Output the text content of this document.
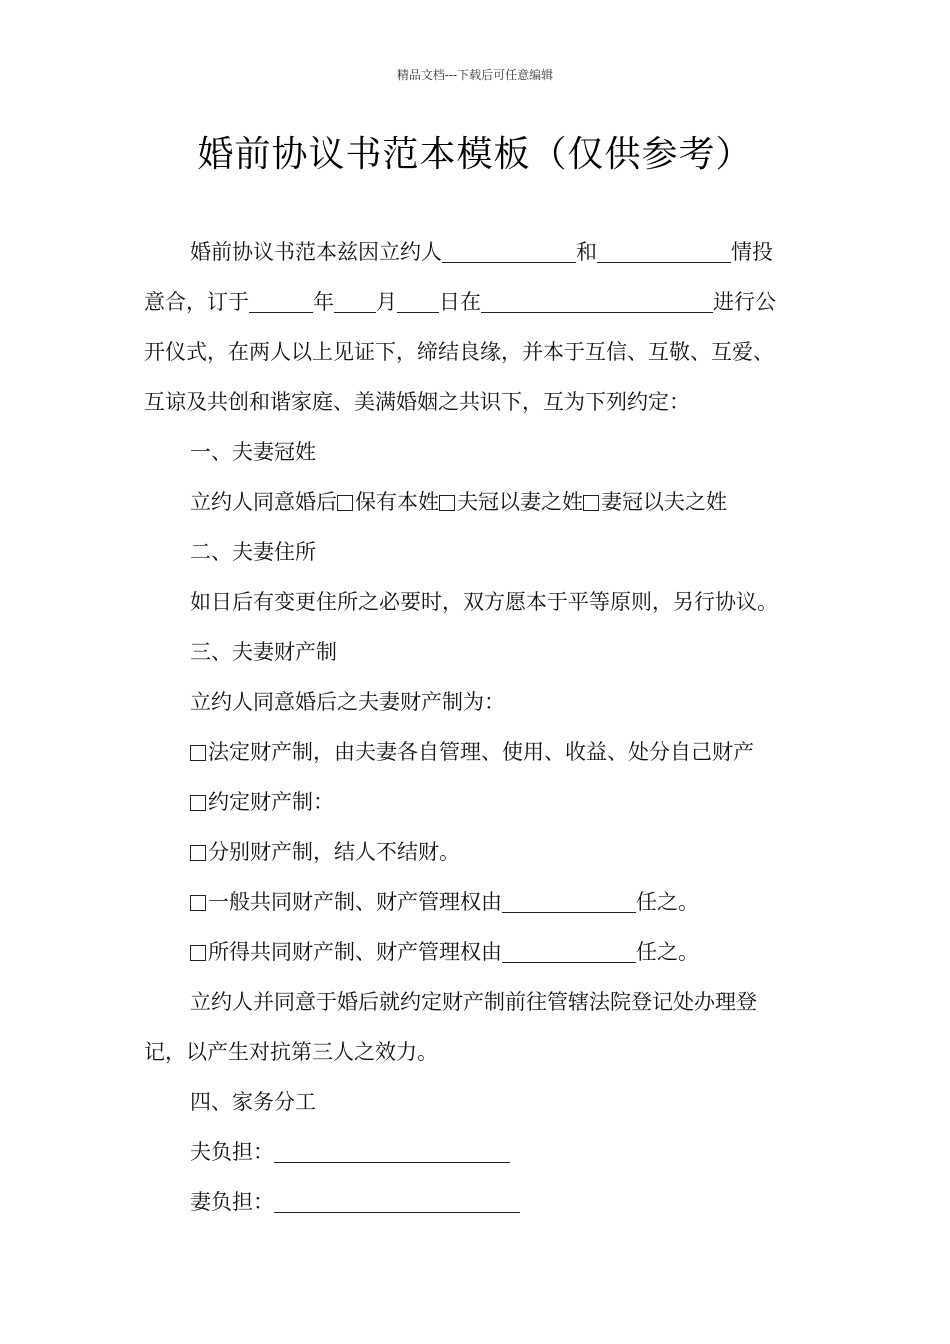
精品文档---下载后可任意编辑
婚前协议书范本模板（仅供参考）
婚前协议书范本兹因立约人	和	情投
意合，订于	年 月 日在	进行公
开仪式，在两人以上见证下，缔结良缘，并本于互信、互敬、互爱、
互谅及共创和谐家庭、美满婚姻之共识下，互为下列约定：
一、夫妻冠姓
立约人同意婚后 保有本姓 夫冠以妻之姓 妻冠以夫之姓
二、夫妻住所
如日后有变更住所之必要时，双方愿本于平等原则，另行协议。
三、夫妻财产制
立约人同意婚后之夫妻财产制为：
法定财产制，由夫妻各自管理、使用、收益、处分自己财产
约定财产制：
分别财产制，结人不结财。
一般共同财产制、财产管理权由	任之。
所得共同财产制、财产管理权由	任之。
立约人并同意于婚后就约定财产制前往管辖法院登记处办理登
记，以产生对抗第三人之效力。
四、家务分工
夫负担：
妻负担：
